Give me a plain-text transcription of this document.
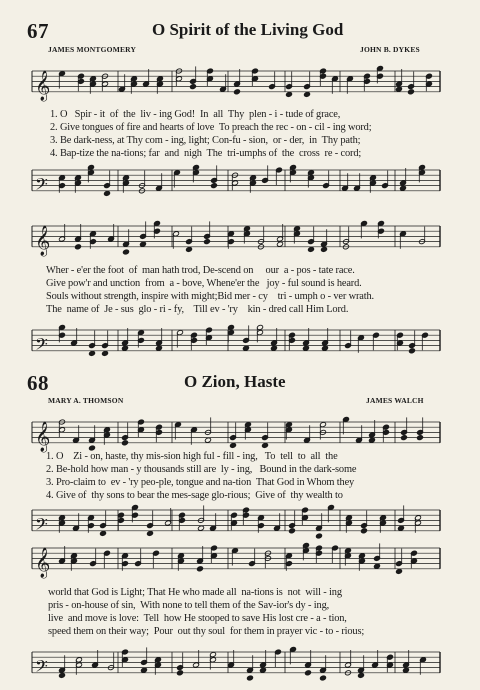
67	O Spirit of the Living God
JAMES MONTGOMERY	JOHN B. DYKES
𝄞
1. O   Spir - it  of  the  liv - ing God!  In  all  Thy  plen - i - tude of grace,
2. Give tongues of fire and hearts of love  To preach the rec - on - cil - ing word;
3. Be dark-ness, at Thy com - ing, light; Con-fu - sion,  or - der,  in  Thy path;
4. Bap-tize the na-tions; far  and  nigh  The  tri-umphs of  the  cross  re - cord;
𝄢
𝄞
Wher - e'er the foot  of  man hath trod, De-scend on     our  a - pos - tate race.
Give pow'r and unction  from  a - bove, Whene'er the   joy - ful sound is heard.
Souls without strength, inspire with might;Bid mer - cy    tri - umph o - ver wrath.
The  name of  Je - sus  glo - ri - fy,    Till ev - 'ry    kin - dred call Him Lord.
𝄢
68	O Zion, Haste
MARY A. THOMSON	JAMES WALCH
𝄞
1. O    Zi - on, haste, thy mis-sion high ful - fill - ing,   To  tell  to  all  the
2. Be-hold how man - y thousands still are  ly - ing,   Bound in the dark-some
3. Pro-claim to  ev - 'ry peo-ple, tongue and na-tion  That God in Whom they
4. Give of  thy sons to bear the mes-sage glo-rious;  Give of  thy wealth to
𝄢
𝄞
world that God is Light; That He who made all  na-tions is  not  will - ing
pris - on-house of sin,  With none to tell them of the Sav-ior's dy - ing,
live  and move is love:  Tell  how He stooped to save His lost cre - a - tion,
speed them on their way;  Pour  out thy soul  for them in prayer vic - to - rious;
𝄢
